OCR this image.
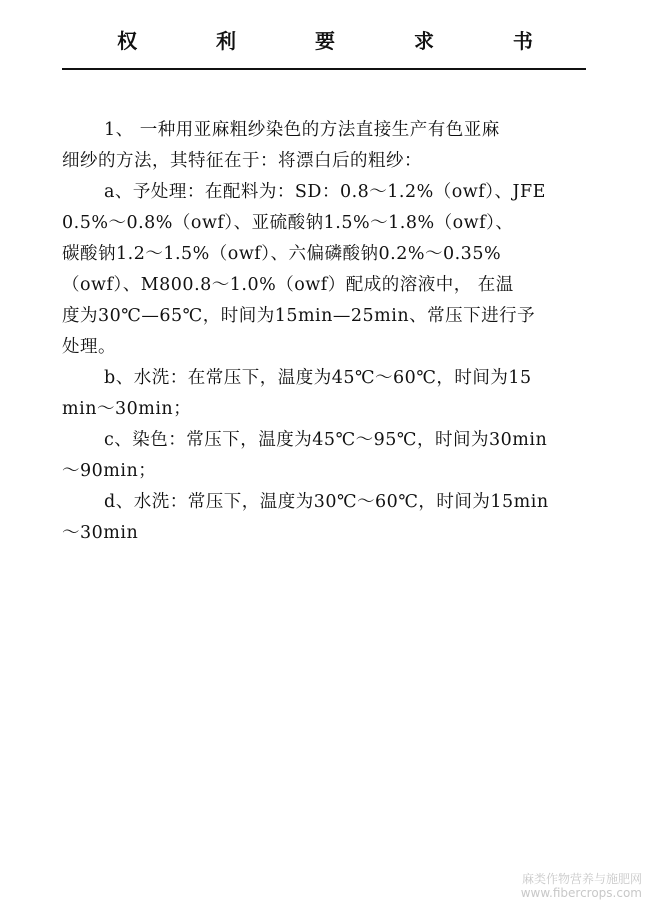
权 利 要 求 书
1、 一种用亚麻粗纱染色的方法直接生产有色亚麻
细纱的方法，其特征在于：将漂白后的粗纱：
a、予处理：在配料为：SD：0.8～1.2%（owf）、JFE
0.5%～0.8%（owf）、亚硫酸钠1.5%～1.8%（owf）、
碳酸钠1.2～1.5%（owf）、六偏磷酸钠0.2%～0.35%
（owf）、M800.8～1.0%（owf）配成的溶液中， 在温
度为30℃—65℃，时间为15min—25min、常压下进行予
处理。
b、水洗：在常压下，温度为45℃～60℃，时间为15
min～30min；
c、染色：常压下，温度为45℃～95℃，时间为30min
～90min；
d、水洗：常压下，温度为30℃～60℃，时间为15min
～30min
麻类作物营养与施肥网
www.fibercrops.com
